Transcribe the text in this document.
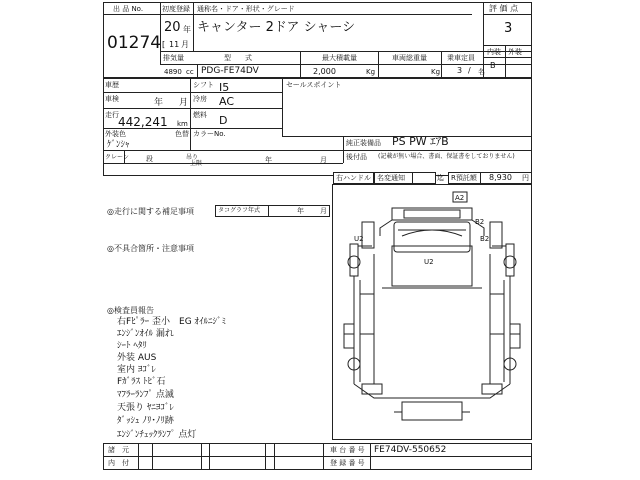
出 品 No.
01274
初度登録 通称名・ドア・形状・グレード
20 年
[ 11 月
キャンター 2ドア シャーシ
排気量	型　　式	最大積載量	車両総重量	乗車定員
4890 cc PDG-FE74DV	2,000	Kg	Kg 3 / 名
評 価 点
3
内装 外装
B
車歴	シフト I5
車検	年 月 冷房 AC
走行 442,241 km
燃料 D
外装色
ｹﾞﾝｼｬ
色替 カラーNo.
セールスポイント
純正装備品 PS PW ｴｱB
後付品 (記載が無い場合、書面、保証書をしておりません)
クレーン 段	吊り
上限	年	月
右ハンドル 名変通知	迄 R預託額 8,930 円
◎走行に関する補足事項	タコグラフ年式	年 月
◎不具合箇所・注意事項
◎検査員報告
右Fﾋﾟﾗｰ 歪小　EG ｵｲﾙﾆｼﾞﾐ
ｴﾝｼﾞﾝｵｲﾙ 漏れ
ｼｰﾄ ﾍﾀﾘ
外装 AUS
室内 ﾖｺﾞﾚ
Fｶﾞﾗｽ ﾄﾋﾞ石
ﾏﾌﾗｰﾗﾝﾌﾟ 点滅
天張り ﾔﾆﾖｺﾞﾚ
ﾀﾞｯｼｭ ﾉﾘ･ﾉﾘ跡
ｴﾝｼﾞﾝﾁｪｯｸﾗﾝﾌﾟ 点灯
A2
B2
B2
U2
U2
諸　元
内　付
車 台 番 号 FE74DV-550652
登 録 番 号
